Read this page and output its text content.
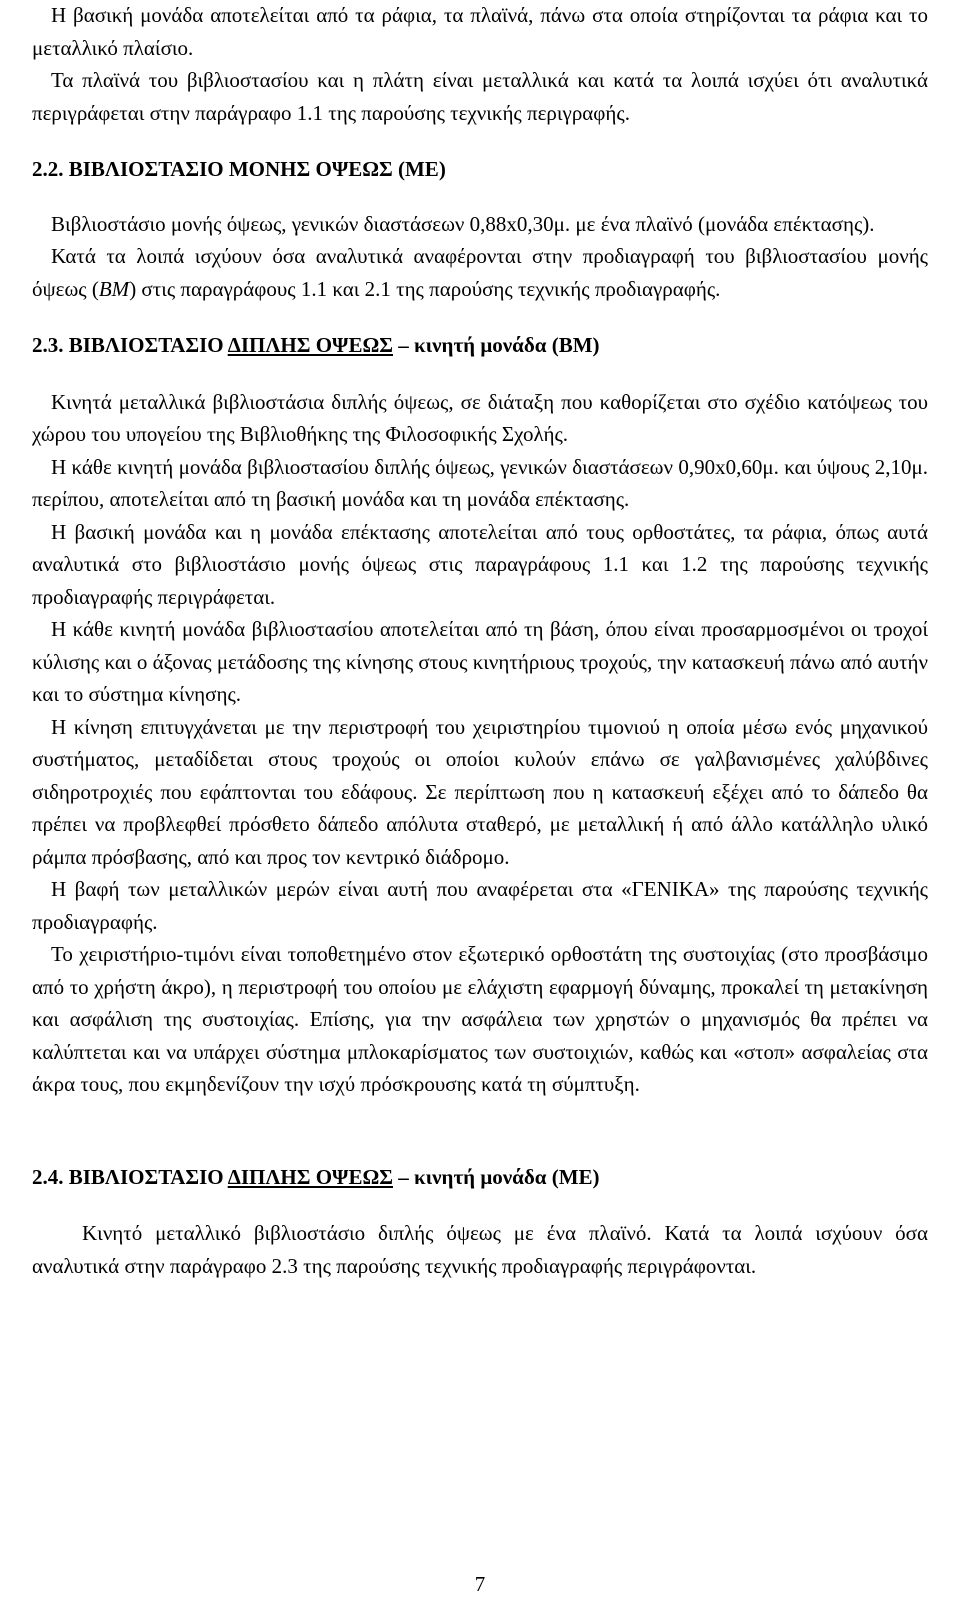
Η βασική μονάδα αποτελείται από τα ράφια, τα πλαϊνά, πάνω στα οποία στηρίζονται τα ράφια και το μεταλλικό πλαίσιο.

Τα πλαϊνά του βιβλιοστασίου και η πλάτη είναι μεταλλικά και κατά τα λοιπά ισχύει ότι αναλυτικά περιγράφεται στην παράγραφο 1.1 της παρούσης τεχνικής περιγραφής.

2.2. ΒΙΒΛΙΟΣΤΑΣΙΟ ΜΟΝΗΣ ΟΨΕΩΣ (ΜΕ)

Βιβλιοστάσιο μονής όψεως, γενικών διαστάσεων 0,88x0,30μ. με ένα πλαϊνό (μονάδα επέκτασης).

Κατά τα λοιπά ισχύουν όσα αναλυτικά αναφέρονται στην προδιαγραφή του βιβλιοστασίου μονής όψεως (ΒΜ) στις παραγράφους 1.1 και 2.1 της παρούσης τεχνικής προδιαγραφής.

2.3. ΒΙΒΛΙΟΣΤΑΣΙΟ ΔΙΠΛΗΣ ΟΨΕΩΣ – κινητή μονάδα (ΒΜ)

Κινητά μεταλλικά βιβλιοστάσια διπλής όψεως, σε διάταξη που καθορίζεται στο σχέδιο κατόψεως του χώρου του υπογείου της Βιβλιοθήκης της Φιλοσοφικής Σχολής.

Η κάθε κινητή μονάδα βιβλιοστασίου διπλής όψεως, γενικών διαστάσεων 0,90x0,60μ. και ύψους 2,10μ. περίπου, αποτελείται από τη βασική μονάδα και τη μονάδα επέκτασης.

Η βασική μονάδα και η μονάδα επέκτασης αποτελείται από τους ορθοστάτες, τα ράφια, όπως αυτά αναλυτικά στο βιβλιοστάσιο μονής όψεως στις παραγράφους 1.1 και 1.2 της παρούσης τεχνικής προδιαγραφής περιγράφεται.

Η κάθε κινητή μονάδα βιβλιοστασίου αποτελείται από τη βάση, όπου είναι προσαρμοσμένοι οι τροχοί κύλισης και ο άξονας μετάδοσης της κίνησης στους κινητήριους τροχούς, την κατασκευή πάνω από αυτήν και το σύστημα κίνησης.

Η κίνηση επιτυγχάνεται με την περιστροφή του χειριστηρίου τιμονιού η οποία μέσω ενός μηχανικού συστήματος, μεταδίδεται στους τροχούς οι οποίοι κυλούν επάνω σε γαλβανισμένες χαλύβδινες σιδηροτροχιές που εφάπτονται του εδάφους. Σε περίπτωση που η κατασκευή εξέχει από το δάπεδο θα πρέπει να προβλεφθεί πρόσθετο δάπεδο απόλυτα σταθερό, με μεταλλική ή από άλλο κατάλληλο υλικό ράμπα πρόσβασης, από και προς τον κεντρικό διάδρομο.

Η βαφή των μεταλλικών μερών είναι αυτή που αναφέρεται στα «ΓΕΝΙΚΑ» της παρούσης τεχνικής προδιαγραφής.

Το χειριστήριο-τιμόνι είναι τοποθετημένο στον εξωτερικό ορθοστάτη της συστοιχίας (στο προσβάσιμο από το χρήστη άκρο), η περιστροφή του οποίου με ελάχιστη εφαρμογή δύναμης, προκαλεί τη μετακίνηση και ασφάλιση της συστοιχίας. Επίσης, για την ασφάλεια των χρηστών ο μηχανισμός θα πρέπει να καλύπτεται και να υπάρχει σύστημα μπλοκαρίσματος των συστοιχιών, καθώς και «στοπ» ασφαλείας στα άκρα τους, που εκμηδενίζουν την ισχύ πρόσκρουσης κατά τη σύμπτυξη.

2.4. ΒΙΒΛΙΟΣΤΑΣΙΟ ΔΙΠΛΗΣ ΟΨΕΩΣ – κινητή μονάδα (ΜΕ)

Κινητό μεταλλικό βιβλιοστάσιο διπλής όψεως με ένα πλαϊνό. Κατά τα λοιπά ισχύουν όσα αναλυτικά στην παράγραφο 2.3 της παρούσης τεχνικής προδιαγραφής περιγράφονται.

7
